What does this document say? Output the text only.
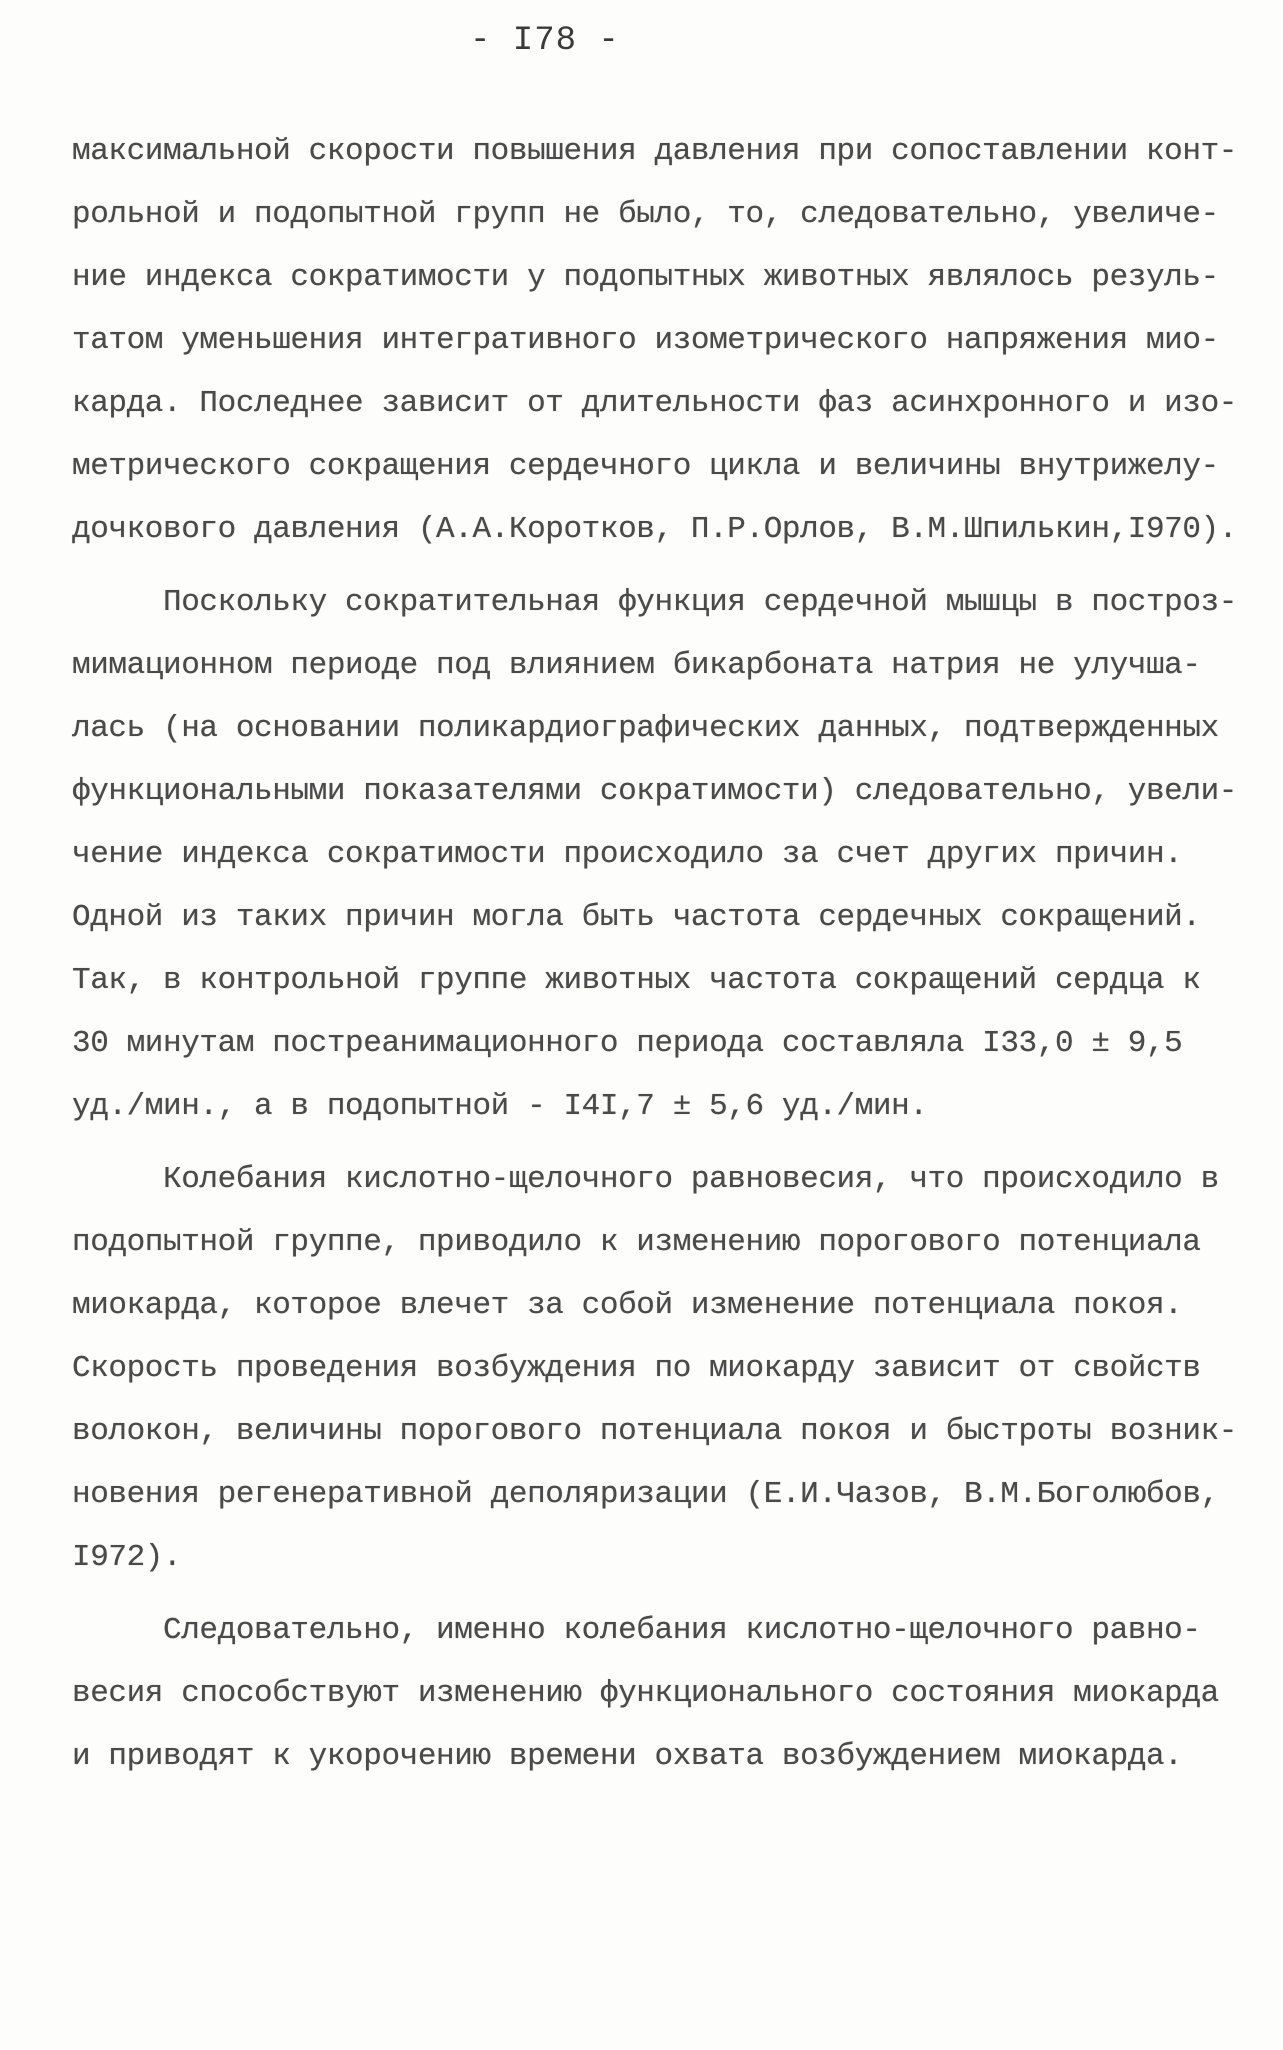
- I78 -
максимальной скорости повышения давления при сопоставлении конт-
рольной и подопытной групп не было, то, следовательно, увеличе-
ние индекса сократимости у подопытных животных являлось резуль-
татом уменьшения интегративного изометрического напряжения мио-
карда. Последнее зависит от длительности фаз асинхронного и изо-
метрического сокращения сердечного цикла и величины внутрижелу-
дочкового давления (А.А.Коротков, П.Р.Орлов, В.М.Шпилькин,I970).
Поскольку сократительная функция сердечной мышцы в построз-
мимационном периоде под влиянием бикарбоната натрия не улучша-
лась (на основании поликардиографических данных, подтвержденных
функциональными показателями сократимости) следовательно, увели-
чение индекса сократимости происходило за счет других причин.
Одной из таких причин могла быть частота сердечных сокращений.
Так, в контрольной группе животных частота сокращений сердца к
30 минутам постреанимационного периода составляла I33,0 ± 9,5
уд./мин., а в подопытной - I4I,7 ± 5,6 уд./мин.
Колебания кислотно-щелочного равновесия, что происходило в
подопытной группе, приводило к изменению порогового потенциала
миокарда, которое влечет за собой изменение потенциала покоя.
Скорость проведения возбуждения по миокарду зависит от свойств
волокон, величины порогового потенциала покоя и быстроты возник-
новения регенеративной деполяризации (Е.И.Чазов, В.М.Боголюбов,
I972).
Следовательно, именно колебания кислотно-щелочного равно-
весия способствуют изменению функционального состояния миокарда
и приводят к укорочению времени охвата возбуждением миокарда.
